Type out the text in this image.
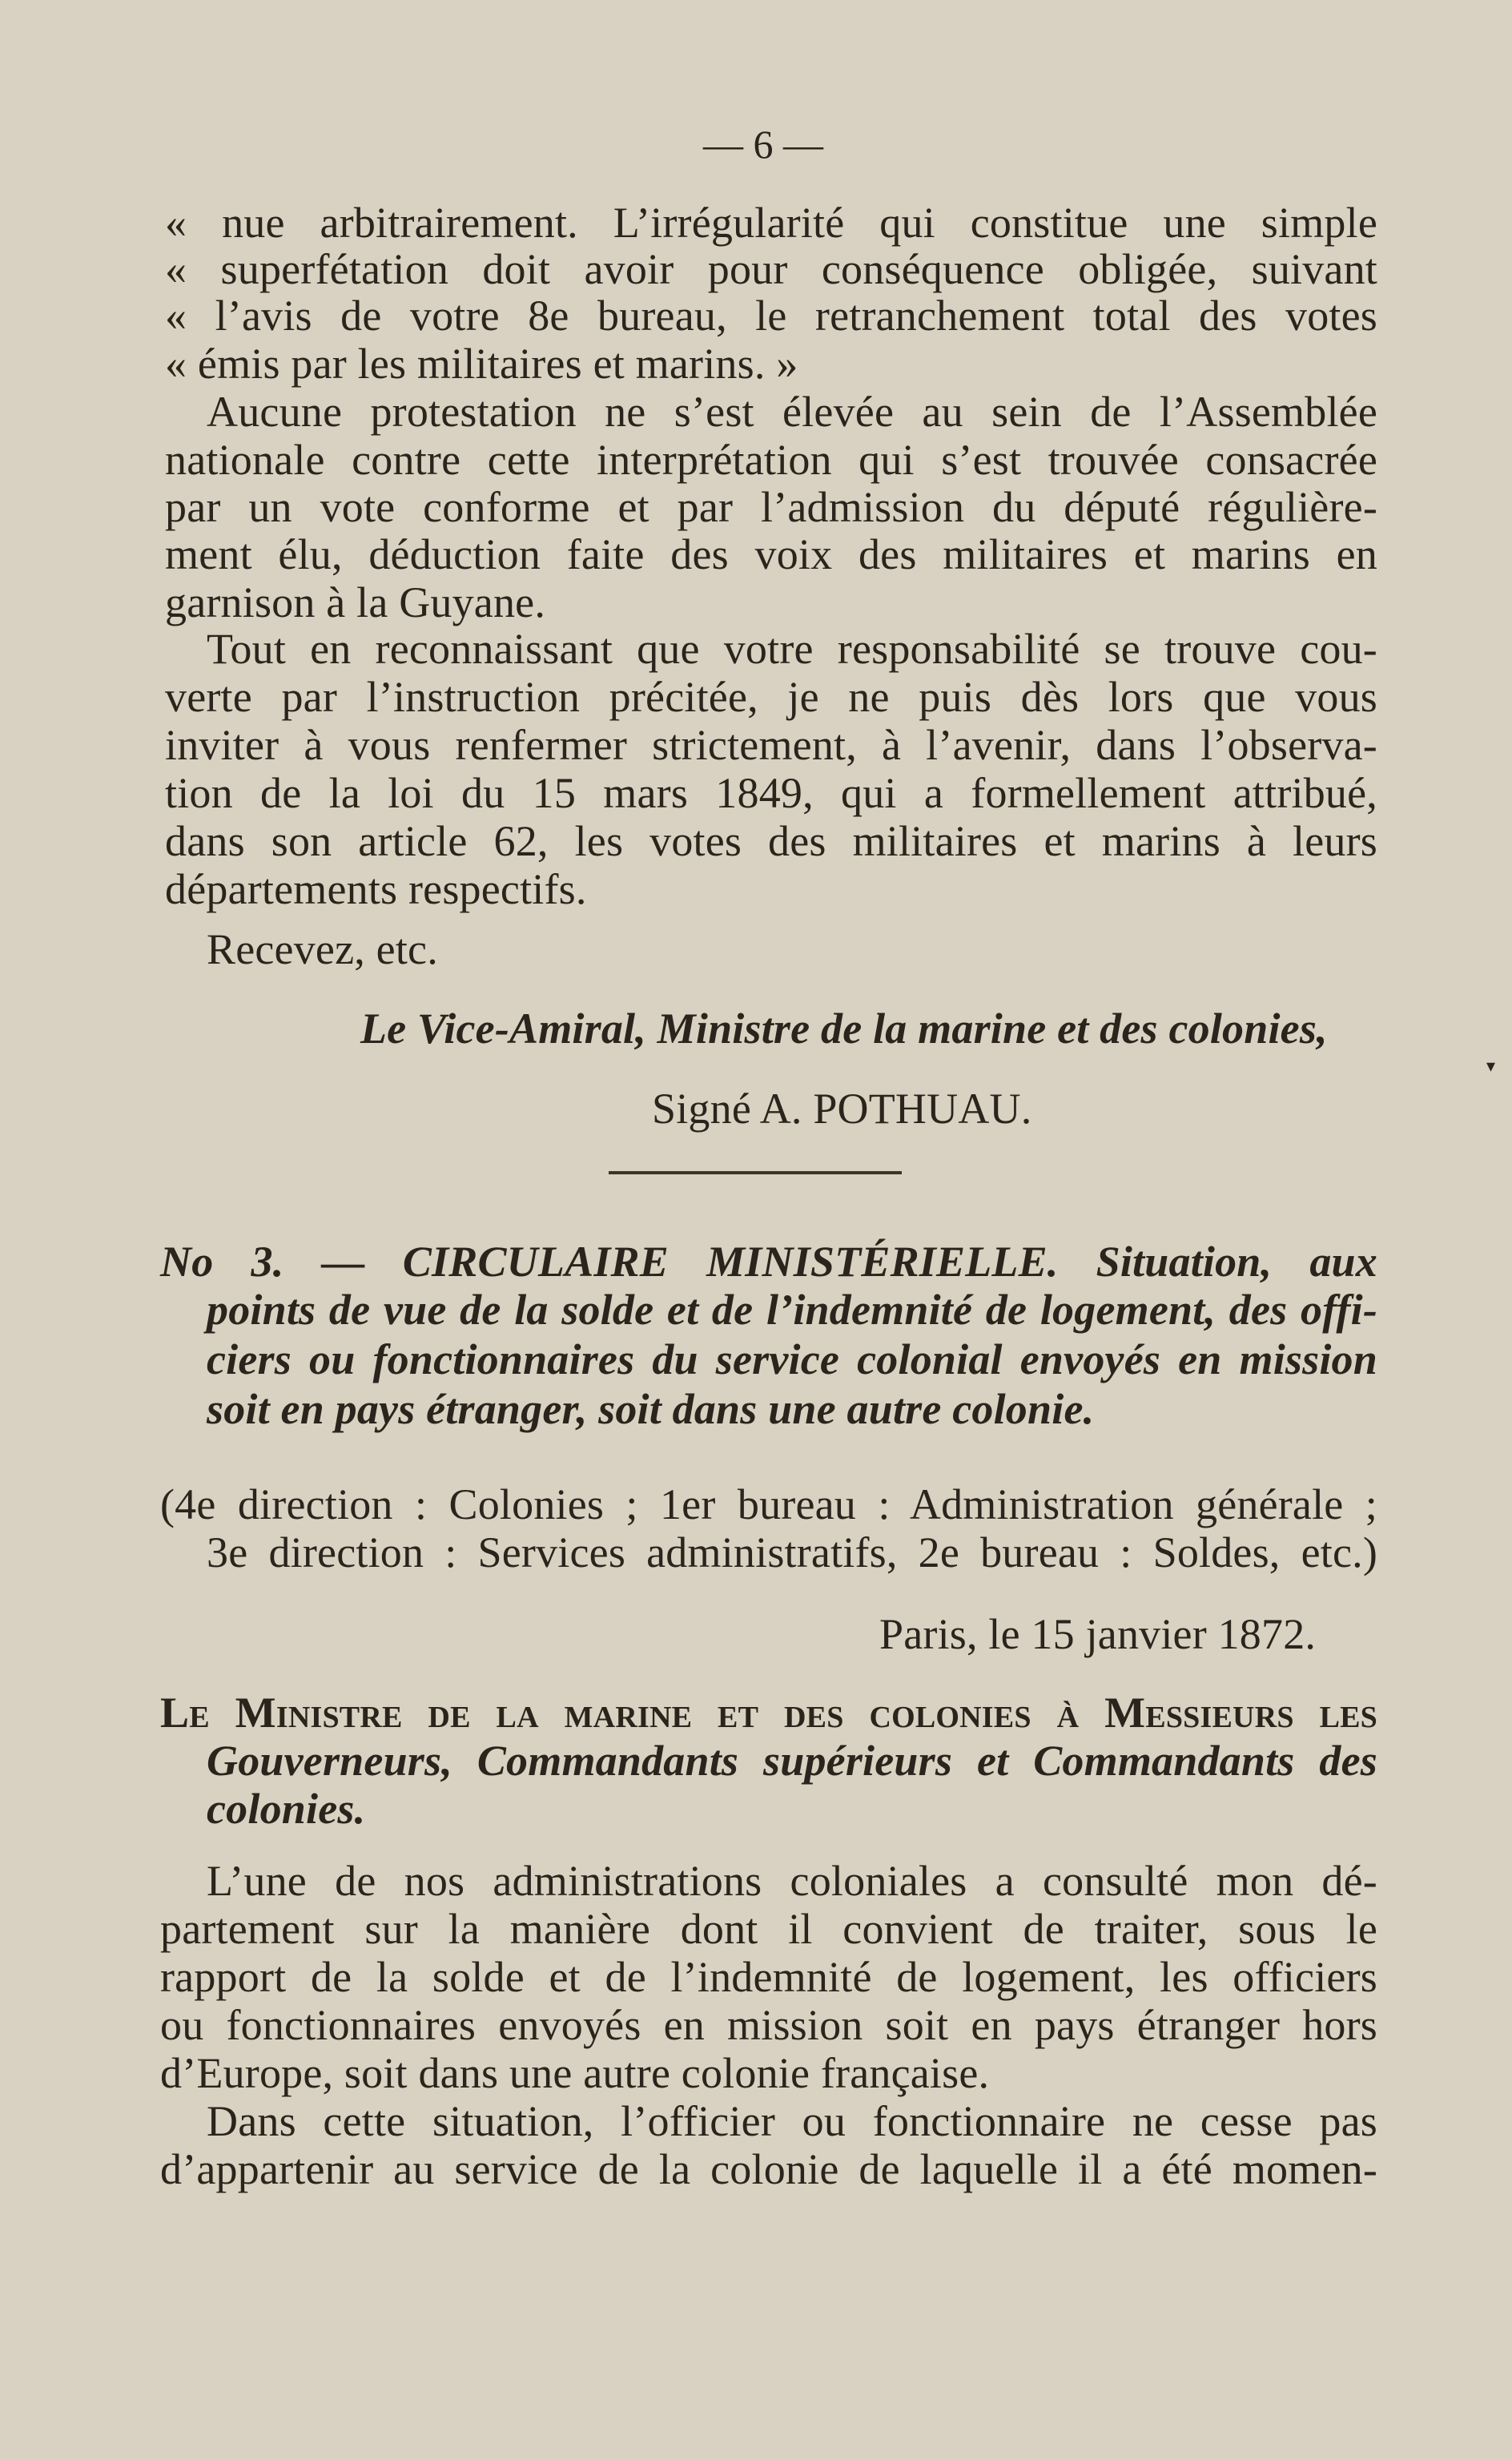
— 6 —
« nue arbitrairement. L’irrégularité qui constitue une simple
« superfétation doit avoir pour conséquence obligée, suivant
« l’avis de votre 8e bureau, le retranchement total des votes
« émis par les militaires et marins. »
Aucune protestation ne s’est élevée au sein de l’Assemblée
nationale contre cette interprétation qui s’est trouvée consacrée
par un vote conforme et par l’admission du député régulière-
ment élu, déduction faite des voix des militaires et marins en
garnison à la Guyane.
Tout en reconnaissant que votre responsabilité se trouve cou-
verte par l’instruction précitée, je ne puis dès lors que vous
inviter à vous renfermer strictement, à l’avenir, dans l’observa-
tion de la loi du 15 mars 1849, qui a formellement attribué,
dans son article 62, les votes des militaires et marins à leurs
départements respectifs.
Recevez, etc.
Le Vice-Amiral, Ministre de la marine et des colonies,
Signé A. POTHUAU.
No 3. — CIRCULAIRE MINISTÉRIELLE. Situation, aux
points de vue de la solde et de l’indemnité de logement, des offi-
ciers ou fonctionnaires du service colonial envoyés en mission
soit en pays étranger, soit dans une autre colonie.
(4e direction : Colonies ; 1er bureau : Administration générale ;
3e direction : Services administratifs, 2e bureau : Soldes, etc.)
Paris, le 15 janvier 1872.
Le Ministre de la marine et des colonies à Messieurs les
Gouverneurs, Commandants supérieurs et Commandants des
colonies.
L’une de nos administrations coloniales a consulté mon dé-
partement sur la manière dont il convient de traiter, sous le
rapport de la solde et de l’indemnité de logement, les officiers
ou fonctionnaires envoyés en mission soit en pays étranger hors
d’Europe, soit dans une autre colonie française.
Dans cette situation, l’officier ou fonctionnaire ne cesse pas
d’appartenir au service de la colonie de laquelle il a été momen-
▾
